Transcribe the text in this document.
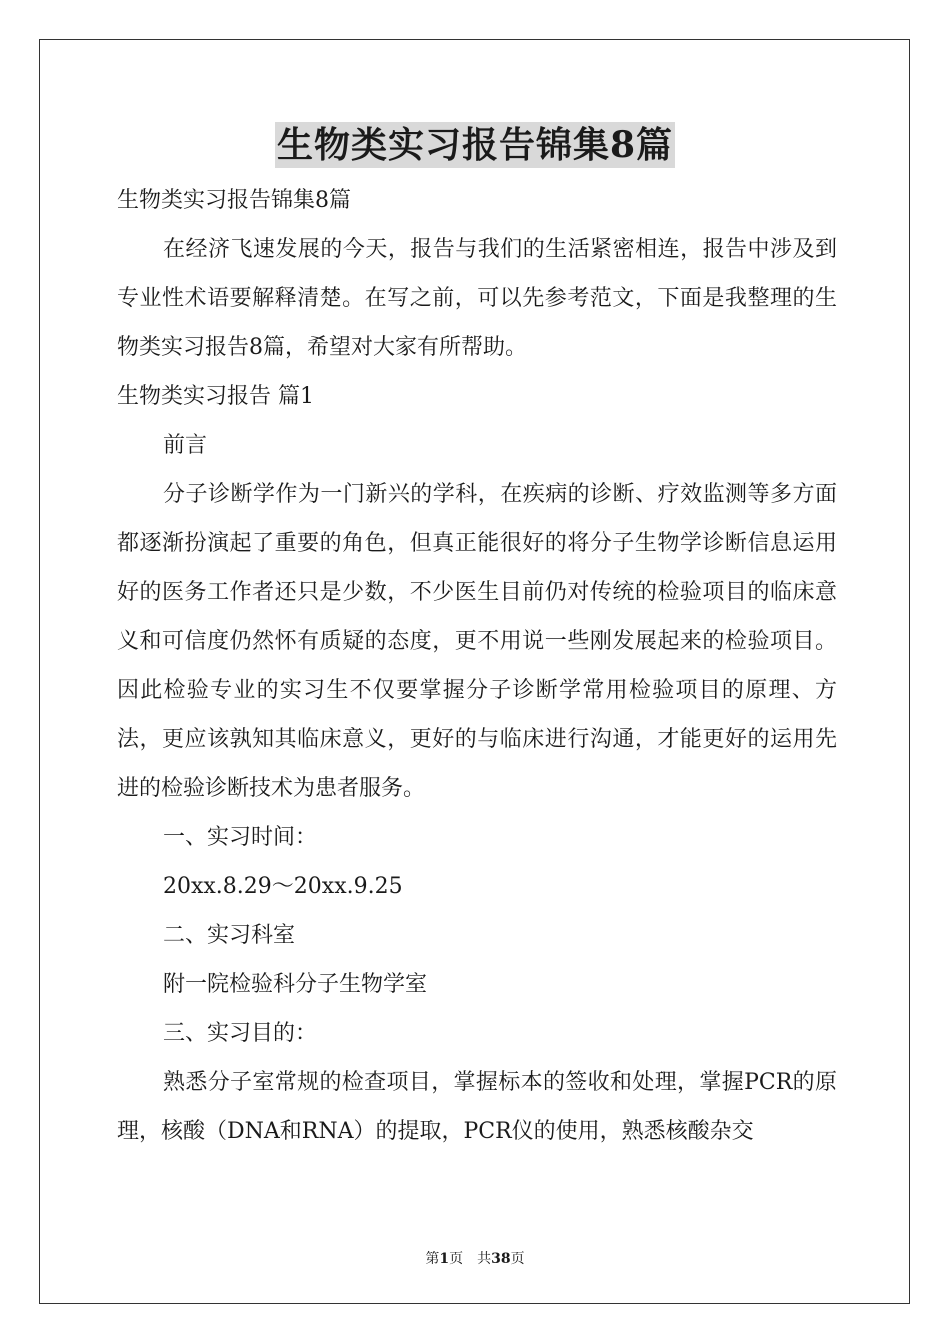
生物类实习报告锦集8篇

生物类实习报告锦集8篇

在经济飞速发展的今天，报告与我们的生活紧密相连，报告中涉及到专业性术语要解释清楚。在写之前，可以先参考范文，下面是我整理的生物类实习报告8篇，希望对大家有所帮助。

生物类实习报告 篇1

前言

分子诊断学作为一门新兴的学科，在疾病的诊断、疗效监测等多方面都逐渐扮演起了重要的角色，但真正能很好的将分子生物学诊断信息运用好的医务工作者还只是少数，不少医生目前仍对传统的检验项目的临床意义和可信度仍然怀有质疑的态度，更不用说一些刚发展起来的检验项目。因此检验专业的实习生不仅要掌握分子诊断学常用检验项目的原理、方法，更应该孰知其临床意义，更好的与临床进行沟通，才能更好的运用先进的检验诊断技术为患者服务。

一、实习时间：

20xx.8.29～20xx.9.25

二、实习科室

附一院检验科分子生物学室

三、实习目的：

熟悉分子室常规的检查项目，掌握标本的签收和处理，掌握PCR的原理，核酸（DNA和RNA）的提取，PCR仪的使用，熟悉核酸杂交

第1页　共38页
